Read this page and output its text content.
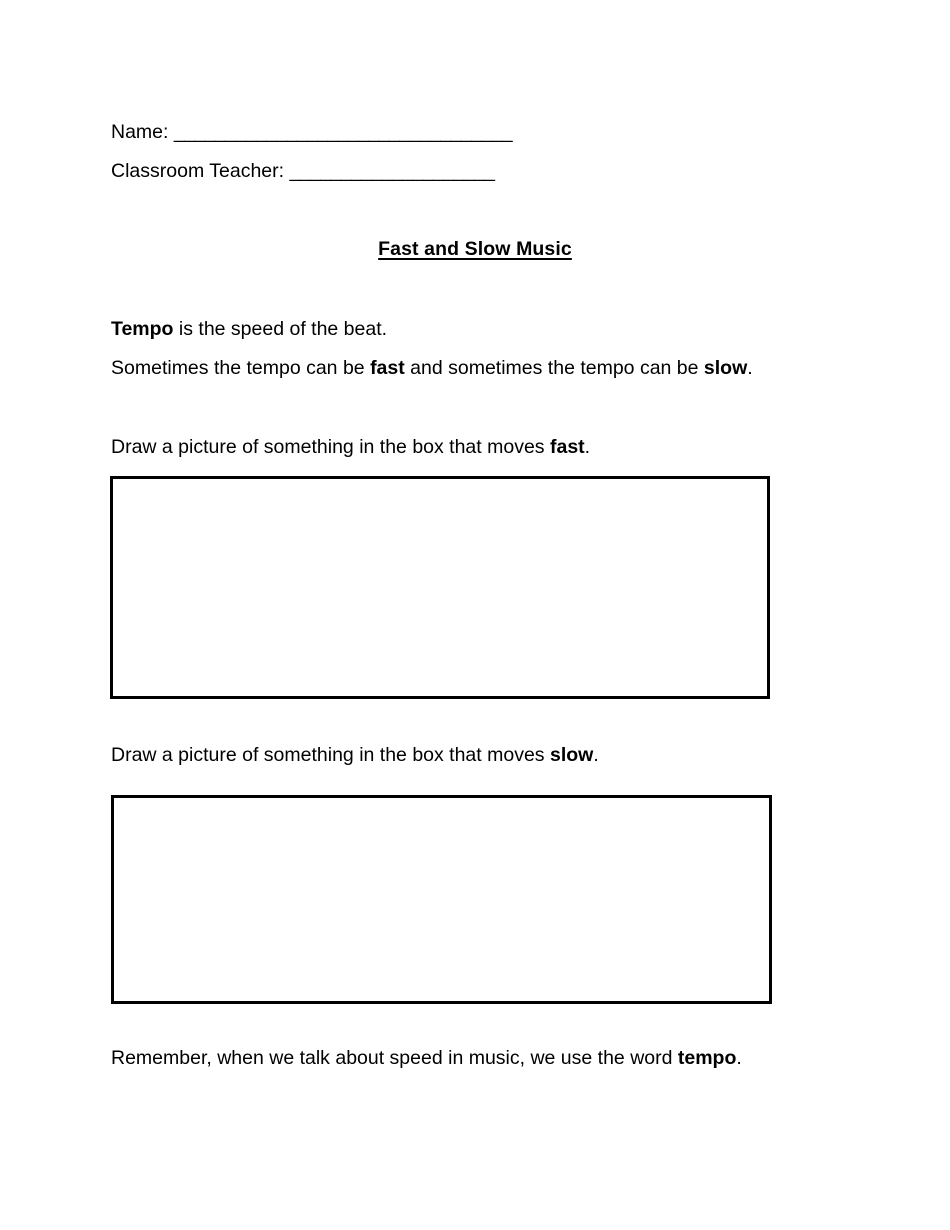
Name: _________________________________
Classroom Teacher: ____________________
Fast and Slow Music
Tempo is the speed of the beat.
Sometimes the tempo can be fast and sometimes the tempo can be slow.
Draw a picture of something in the box that moves fast.
Draw a picture of something in the box that moves slow.
Remember, when we talk about speed in music, we use the word tempo.
